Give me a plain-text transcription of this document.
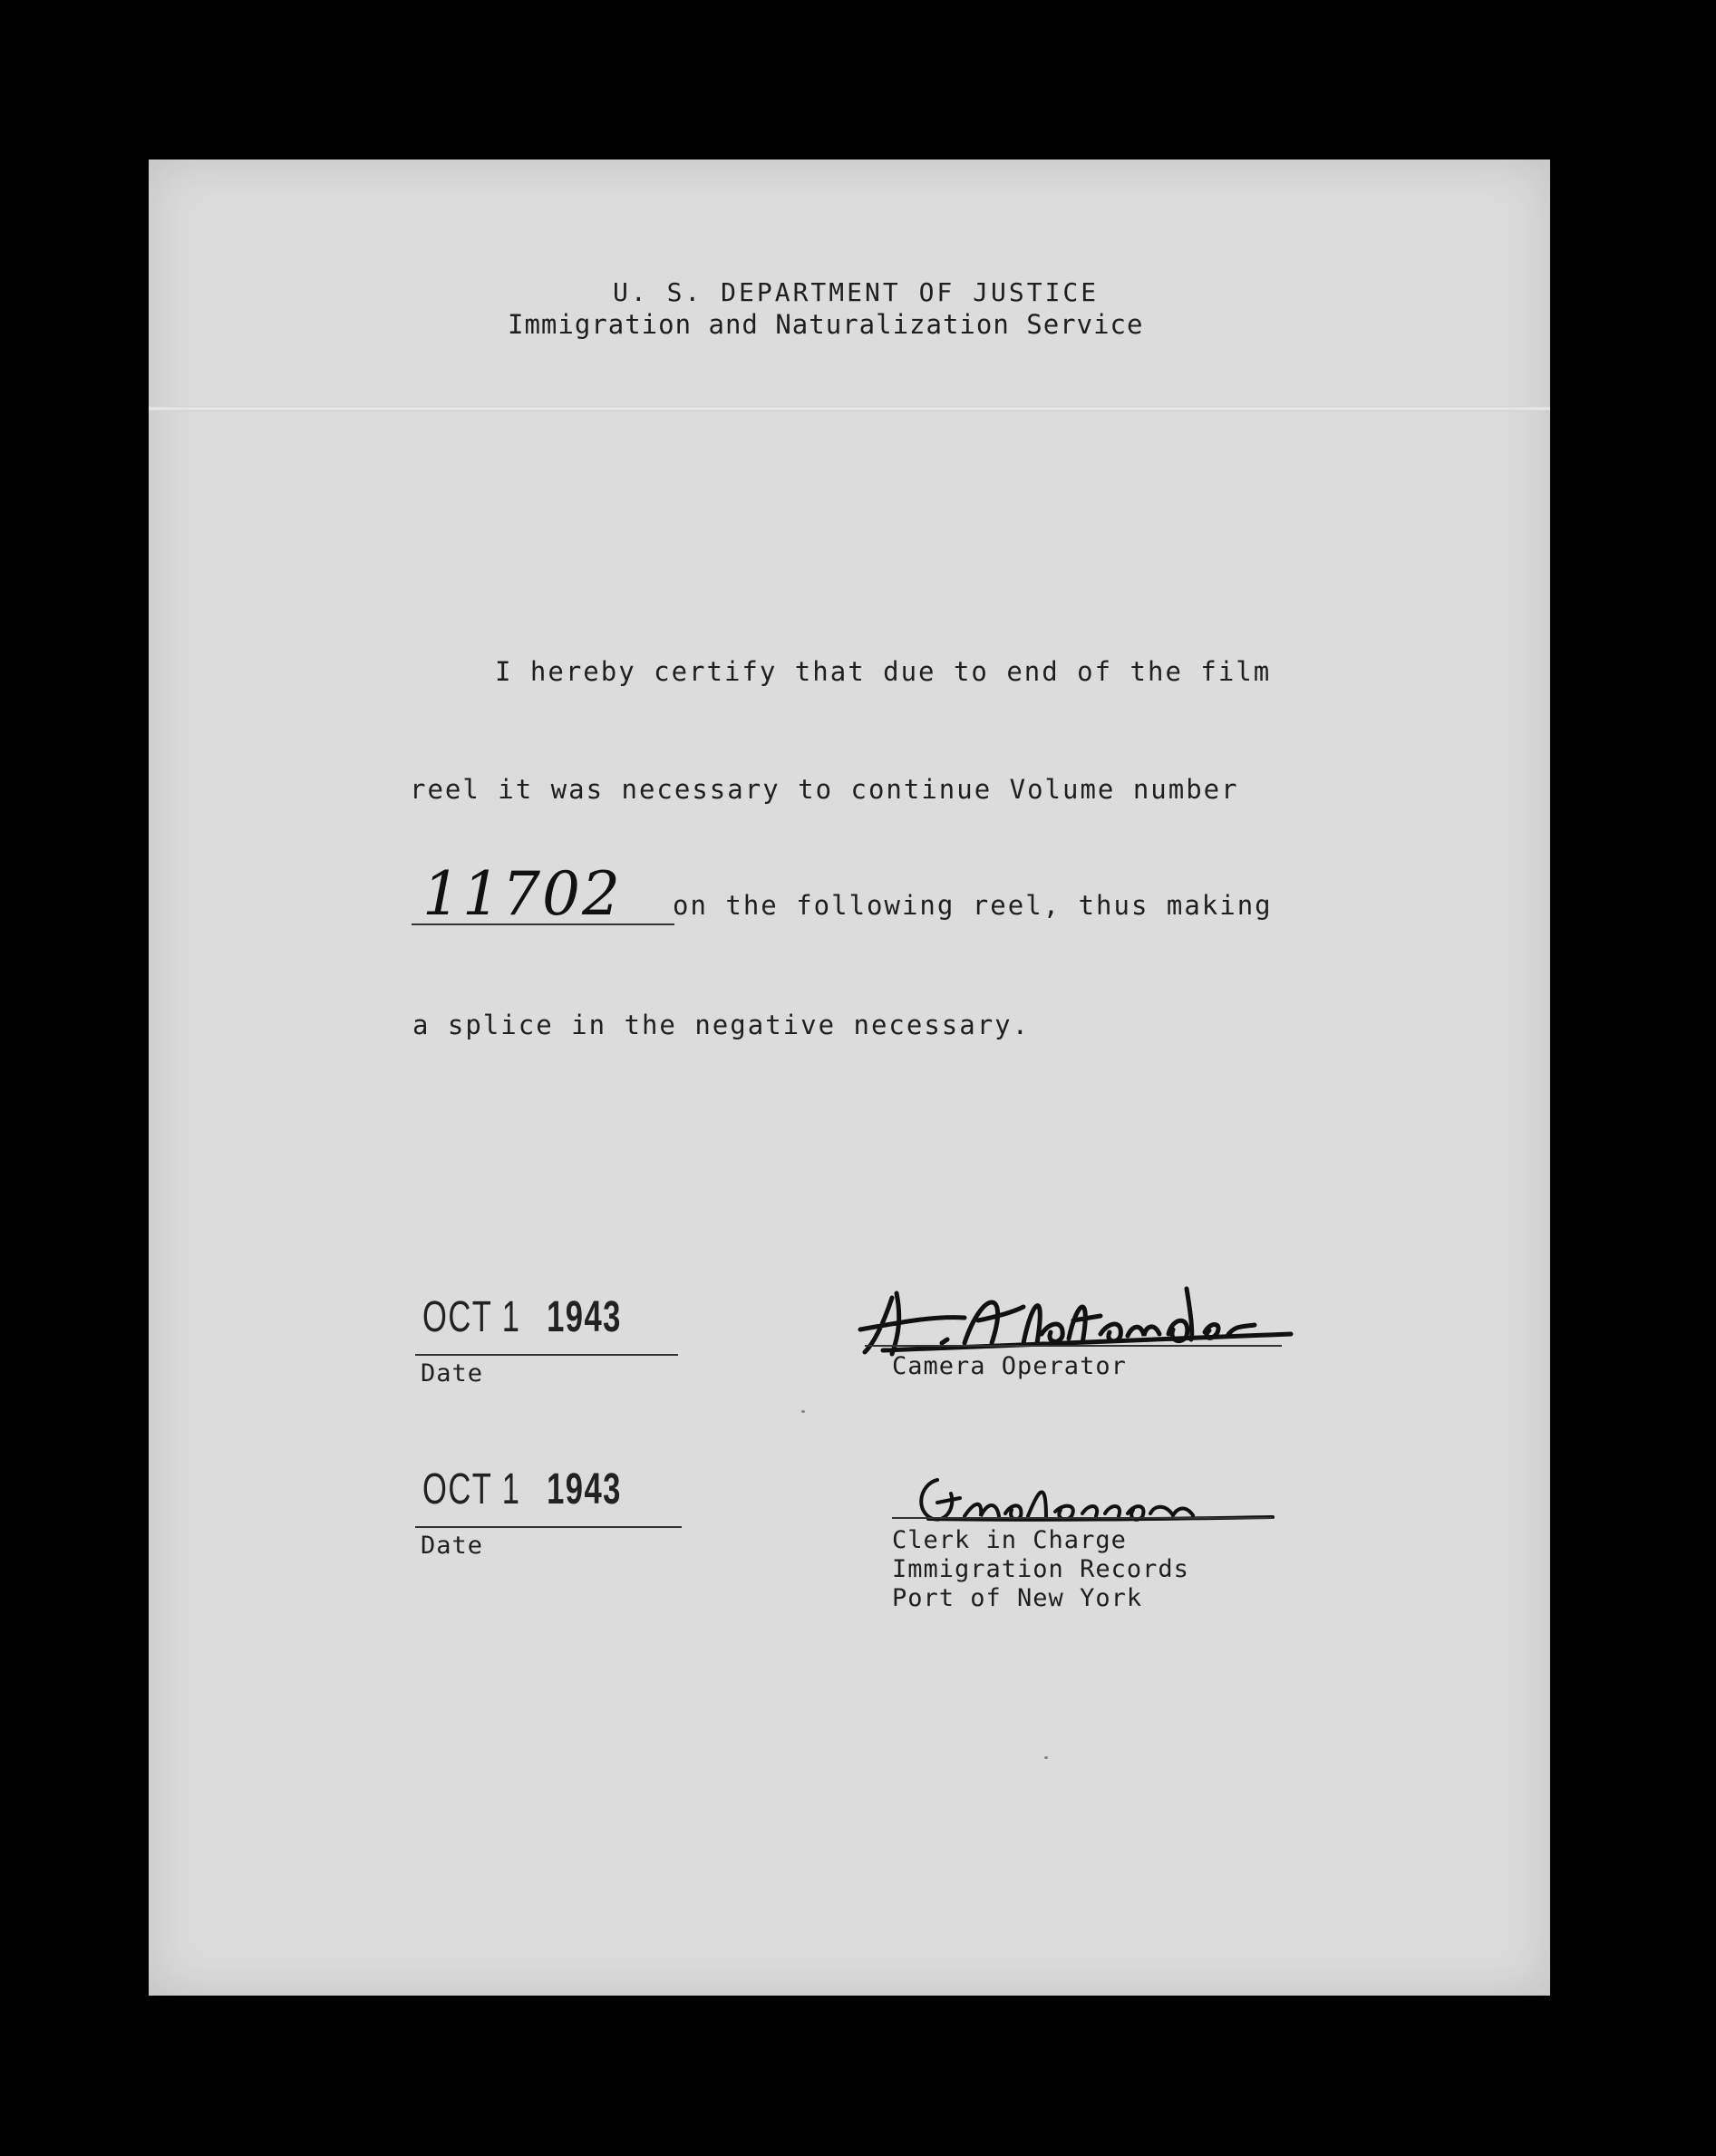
U. S. DEPARTMENT OF JUSTICE
Immigration and Naturalization Service
I hereby certify that due to end of the film
reel it was necessary to continue Volume number
11702 on the following reel, thus making
a splice in the negative necessary.
OCT 1 1943
Date	Camera Operator
OCT 1 1943
Date	Clerk in Charge
Immigration Records
Port of New York
